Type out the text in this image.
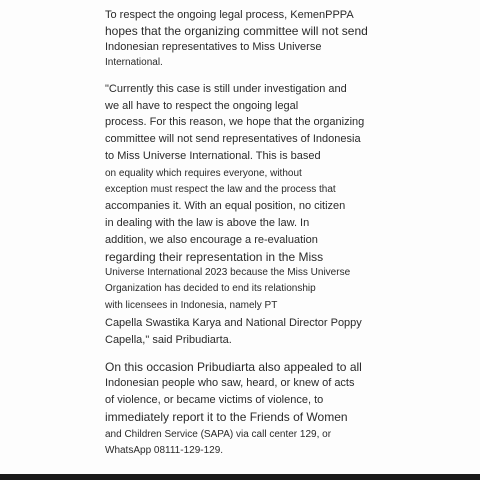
To respect the ongoing legal process, KemenPPPA
hopes that the organizing committee will not send
Indonesian representatives to Miss Universe
International.
"Currently this case is still under investigation and
we all have to respect the ongoing legal
process. For this reason, we hope that the organizing
committee will not send representatives of Indonesia
to Miss Universe International. This is based
on equality which requires everyone, without
exception must respect the law and the process that
accompanies it. With an equal position, no citizen
in dealing with the law is above the law. In
addition, we also encourage a re-evaluation
regarding their representation in the Miss
Universe International 2023 because the Miss Universe
Organization has decided to end its relationship
with licensees in Indonesia, namely PT
Capella Swastika Karya and National Director Poppy
Capella," said Pribudiarta.
On this occasion Pribudiarta also appealed to all
Indonesian people who saw, heard, or knew of acts
of violence, or became victims of violence, to
immediately report it to the Friends of Women
and Children Service (SAPA) via call center 129, or
WhatsApp 08111-129-129.
